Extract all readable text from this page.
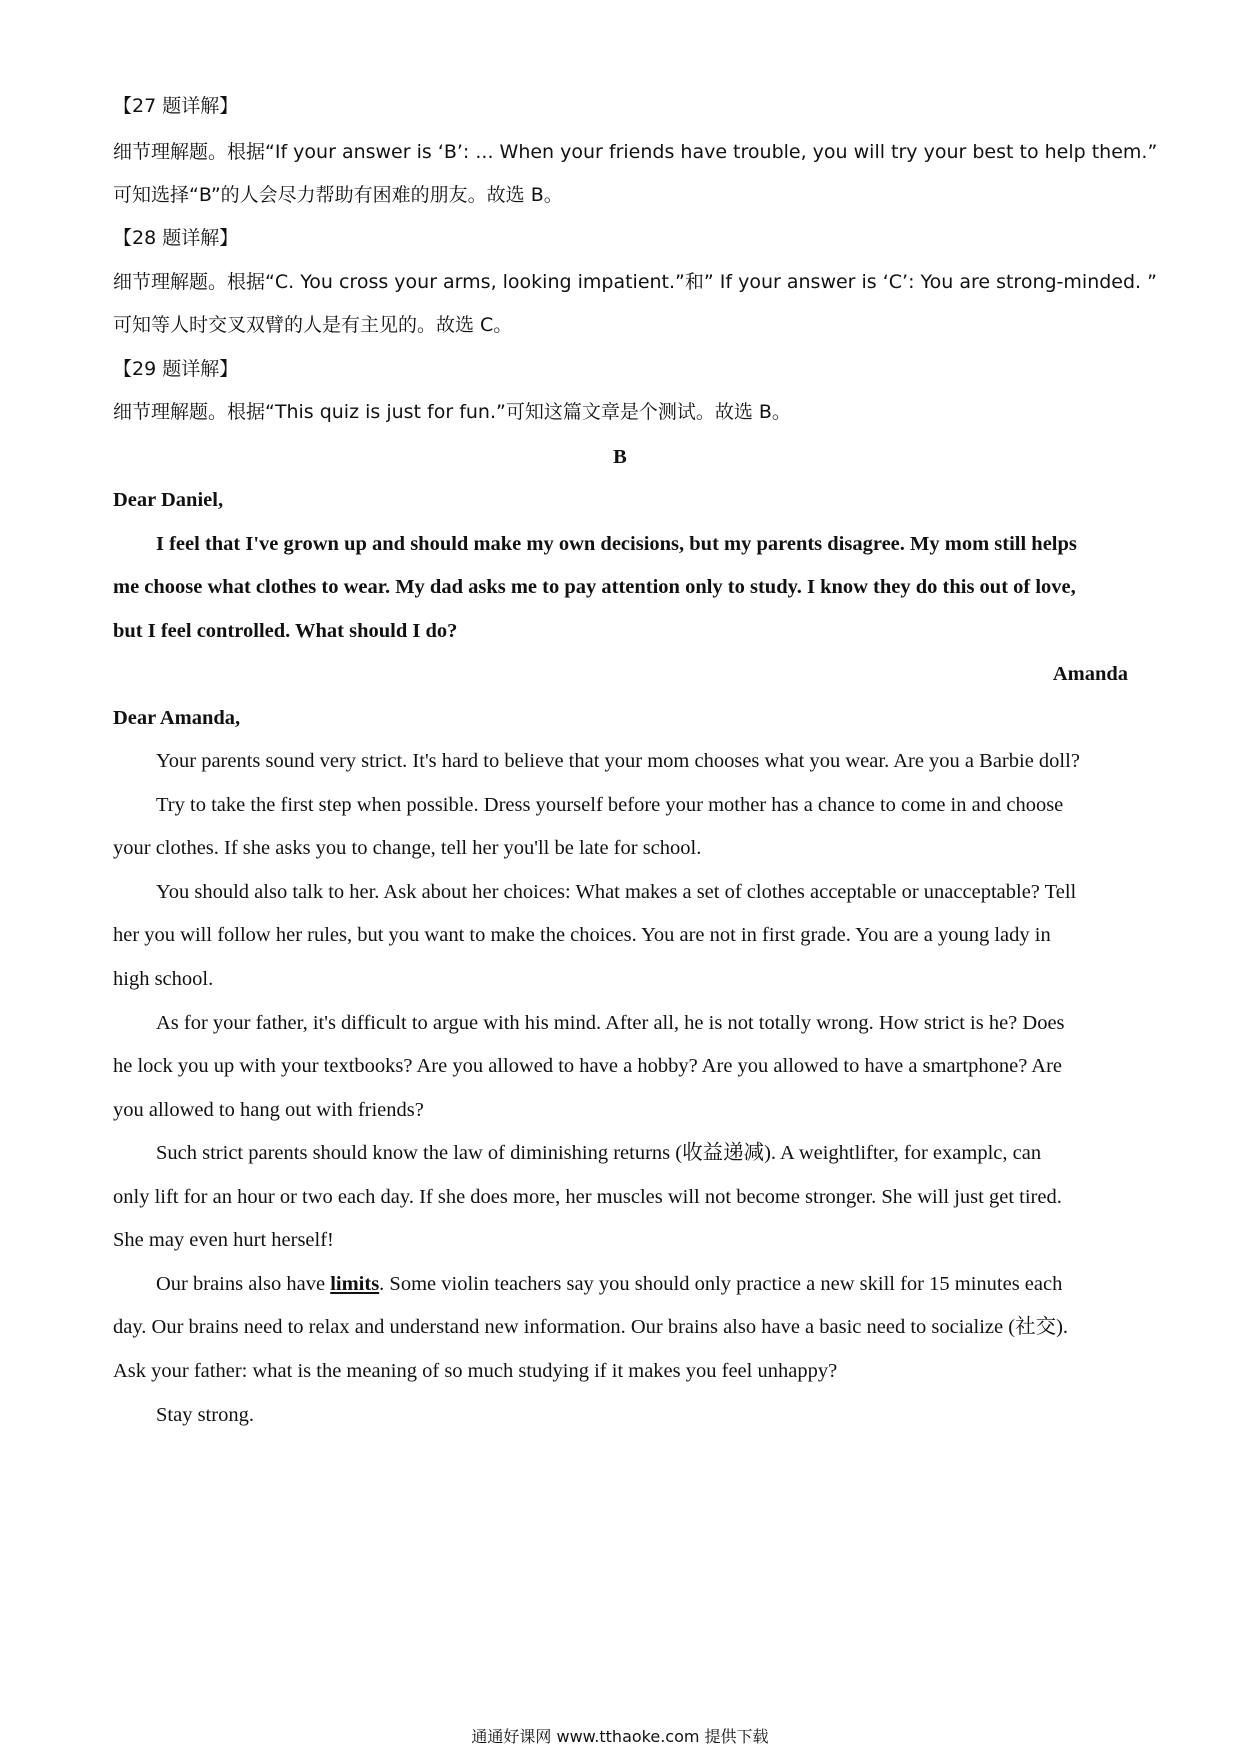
【27 题详解】
细节理解题。根据“If your answer is ‘B’: ... When your friends have trouble, you will try your best to help them.”
可知选择“B”的人会尽力帮助有困难的朋友。故选 B。
【28 题详解】
细节理解题。根据“C. You cross your arms, looking impatient.”和” If your answer is ‘C’: You are strong-minded. ”
可知等人时交叉双臂的人是有主见的。故选 C。
【29 题详解】
细节理解题。根据“This quiz is just for fun.”可知这篇文章是个测试。故选 B。
B
Dear Daniel,
I feel that I've grown up and should make my own decisions, but my parents disagree. My mom still helps
me choose what clothes to wear. My dad asks me to pay attention only to study. I know they do this out of love,
but I feel controlled. What should I do?
Amanda
Dear Amanda,
Your parents sound very strict. It's hard to believe that your mom chooses what you wear. Are you a Barbie doll?
Try to take the first step when possible. Dress yourself before your mother has a chance to come in and choose
your clothes. If she asks you to change, tell her you'll be late for school.
You should also talk to her. Ask about her choices: What makes a set of clothes acceptable or unacceptable? Tell
her you will follow her rules, but you want to make the choices. You are not in first grade. You are a young lady in
high school.
As for your father, it's difficult to argue with his mind. After all, he is not totally wrong. How strict is he? Does
he lock you up with your textbooks? Are you allowed to have a hobby? Are you allowed to have a smartphone? Are
you allowed to hang out with friends?
Such strict parents should know the law of diminishing returns (收益递减). A weightlifter, for examplc, can
only lift for an hour or two each day. If she does more, her muscles will not become stronger. She will just get tired.
She may even hurt herself!
Our brains also have limits. Some violin teachers say you should only practice a new skill for 15 minutes each
day. Our brains need to relax and understand new information. Our brains also have a basic need to socialize (社交).
Ask your father: what is the meaning of so much studying if it makes you feel unhappy?
Stay strong.
通通好课网 www.tthaoke.com 提供下载
